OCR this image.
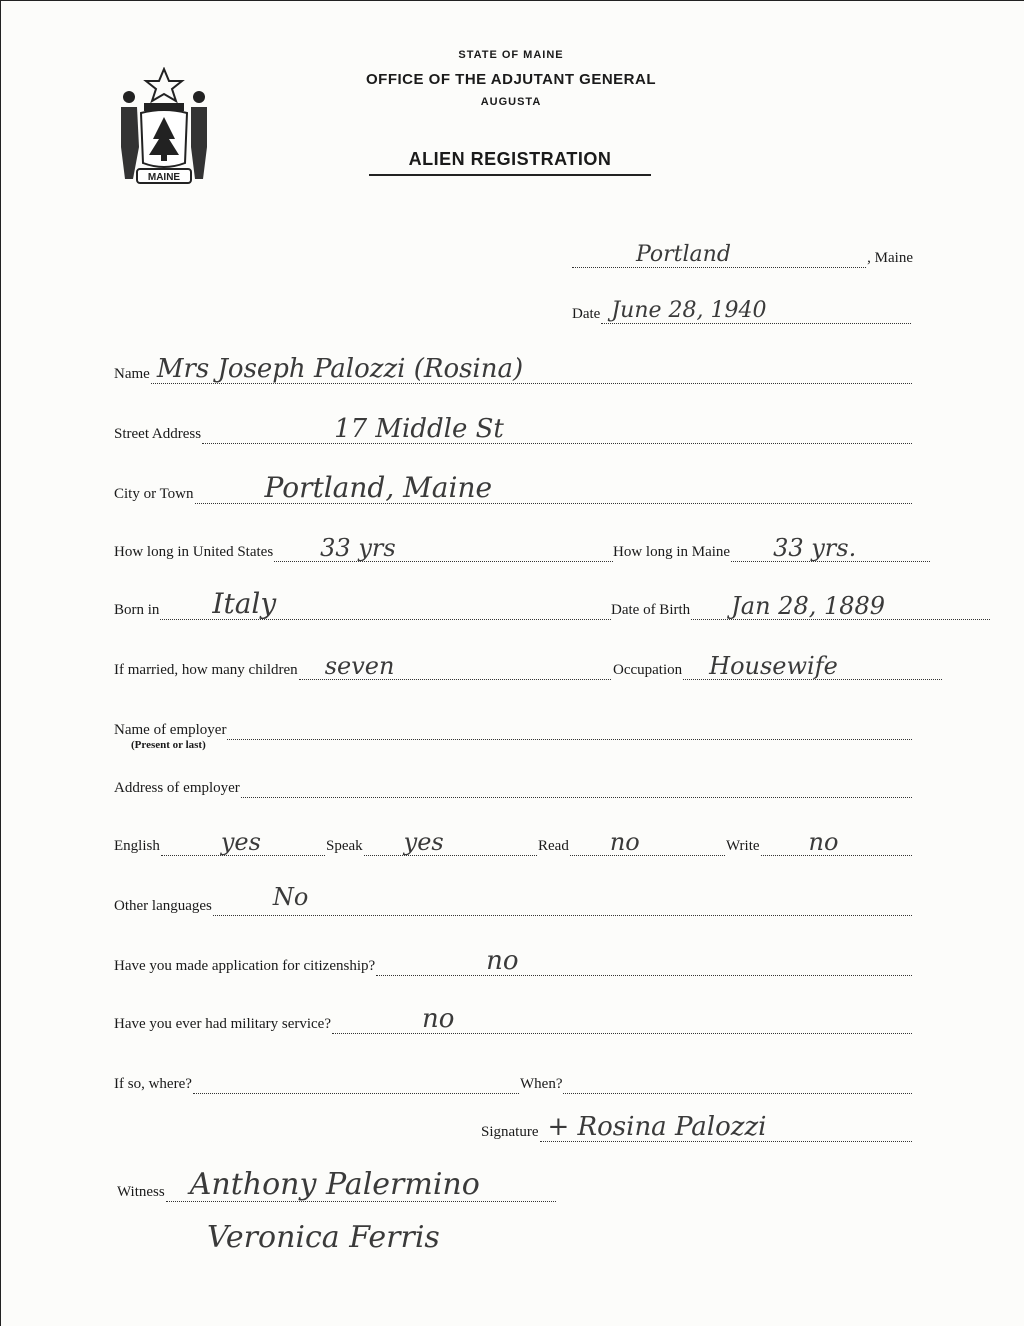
MAINE
STATE OF MAINE
OFFICE OF THE ADJUTANT GENERAL
AUGUSTA
ALIEN REGISTRATION
Portland	, Maine
Date June 28, 1940
Name Mrs Joseph Palozzi (Rosina)
Street Address	17 Middle St
City or Town	Portland, Maine
How long in United States 33 yrs	How long in Maine 33 yrs.
Born in Italy	Date of Birth Jan 28, 1889
If married, how many children seven	Occupation Housewife
Name of employer
(Present or last)
Address of employer
English	yes	Speak yes	Read no	Write no
Other languages	No
Have you made application for citizenship?	no
Have you ever had military service?	no
If so, where?	When?
Signature + Rosina Palozzi
Witness Anthony Palermino
Veronica Ferris
